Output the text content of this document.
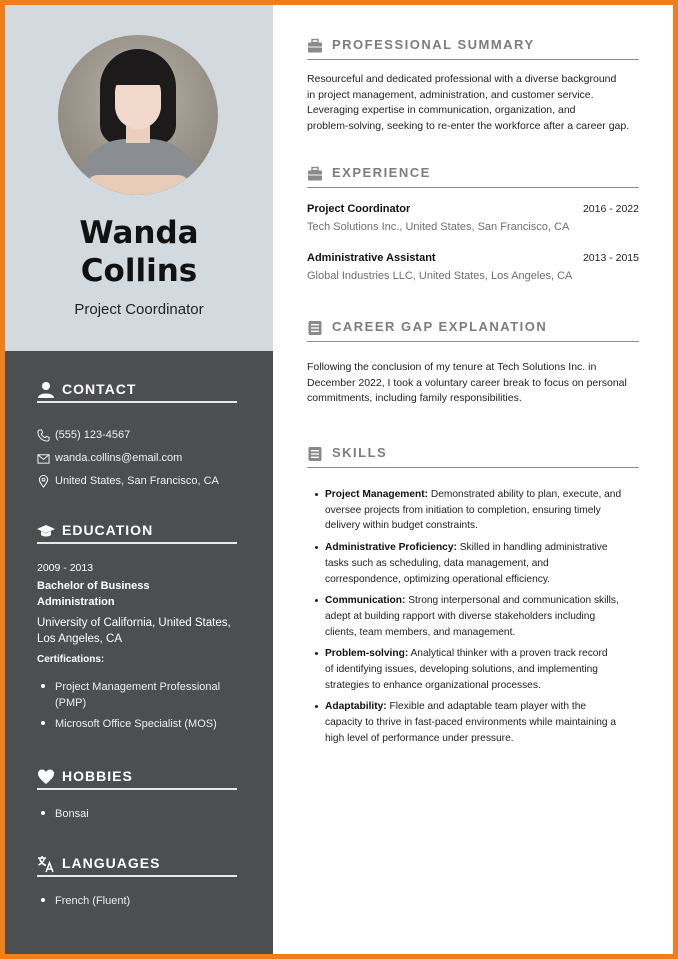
Wanda
Collins
Project Coordinator
CONTACT
(555) 123-4567
wanda.collins@email.com
United States, San Francisco, CA
EDUCATION
2009 - 2013
Bachelor of Business
Administration
University of California, United States,
Los Angeles, CA
Certifications:
Project Management Professional
(PMP)
Microsoft Office Specialist (MOS)
HOBBIES
Bonsai
LANGUAGES
French (Fluent)
PROFESSIONAL SUMMARY
Resourceful and dedicated professional with a diverse background
in project management, administration, and customer service.
Leveraging expertise in communication, organization, and
problem-solving, seeking to re-enter the workforce after a career gap.
EXPERIENCE
Project Coordinator	2016 - 2022
Tech Solutions Inc., United States, San Francisco, CA
Administrative Assistant	2013 - 2015
Global Industries LLC, United States, Los Angeles, CA
CAREER GAP EXPLANATION
Following the conclusion of my tenure at Tech Solutions Inc. in
December 2022, I took a voluntary career break to focus on personal
commitments, including family responsibilities.
SKILLS
Project Management: Demonstrated ability to plan, execute, and
oversee projects from initiation to completion, ensuring timely
delivery within budget constraints.
Administrative Proficiency: Skilled in handling administrative
tasks such as scheduling, data management, and
correspondence, optimizing operational efficiency.
Communication: Strong interpersonal and communication skills,
adept at building rapport with diverse stakeholders including
clients, team members, and management.
Problem-solving: Analytical thinker with a proven track record
of identifying issues, developing solutions, and implementing
strategies to enhance organizational processes.
Adaptability: Flexible and adaptable team player with the
capacity to thrive in fast-paced environments while maintaining a
high level of performance under pressure.
